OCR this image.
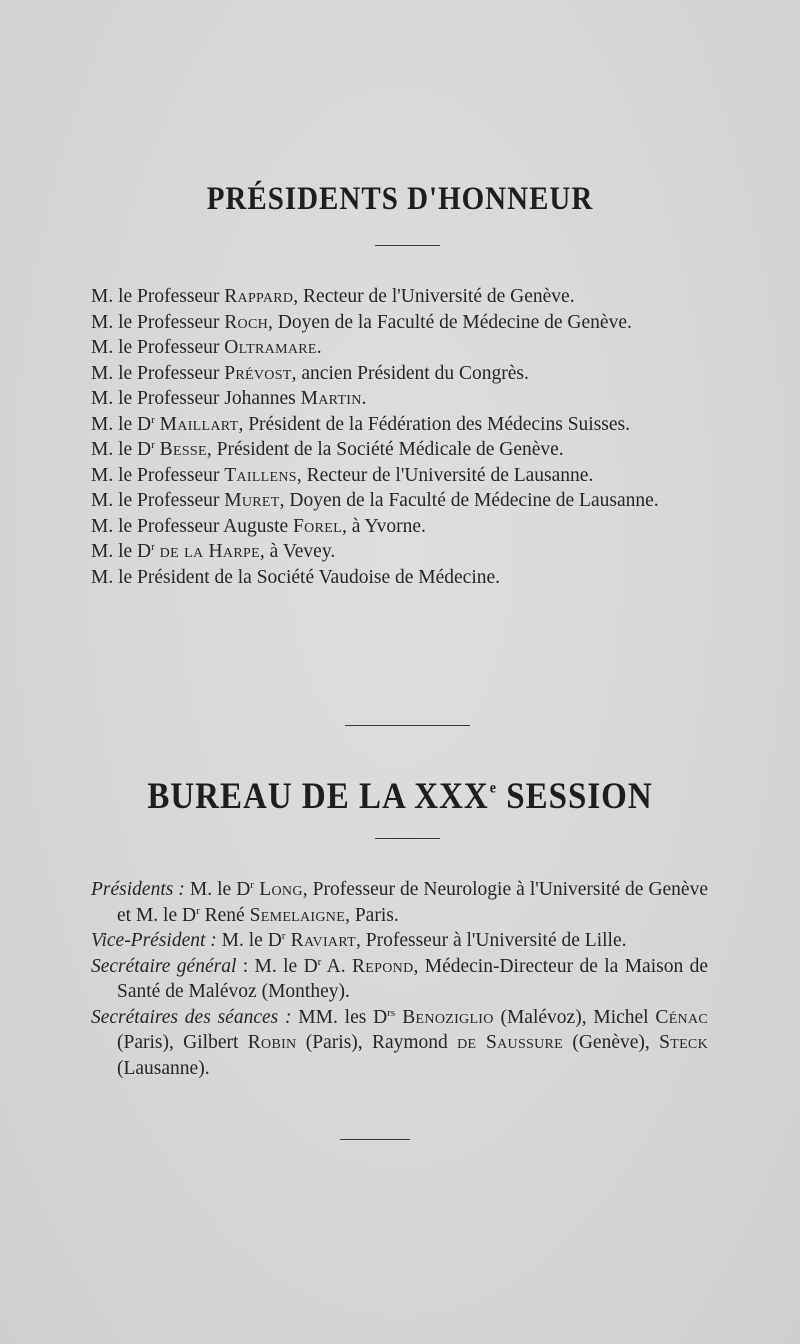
PRÉSIDENTS D'HONNEUR
M. le Professeur Rappard, Recteur de l'Université de Genève.
M. le Professeur Roch, Doyen de la Faculté de Médecine de Genève.
M. le Professeur Oltramare.
M. le Professeur Prévost, ancien Président du Congrès.
M. le Professeur Johannes Martin.
M. le $D^r$ Maillart, Président de la Fédération des Médecins Suisses.
M. le $D^r$ Besse, Président de la Société Médicale de Genève.
M. le Professeur Taillens, Recteur de l'Université de Lausanne.
M. le Professeur Muret, Doyen de la Faculté de Médecine de Lausanne.
M. le Professeur Auguste Forel, à Yvorne.
M. le $D^r$ de la Harpe, à Vevey.
M. le Président de la Société Vaudoise de Médecine.
BUREAU DE LA XXXe SESSION
Présidents : M. le $D^r$ Long, Professeur de Neurologie à l'Université de Genève et M. le $D^r$ René Semelaigne, Paris.
Vice-Président : M. le $D^r$ Raviart, Professeur à l'Université de Lille.
Secrétaire général : M. le $D^r$ A. Repond, Médecin-Directeur de la Maison de Santé de Malévoz (Monthey).
Secrétaires des séances : MM. les $D^{rs}$ Benoziglio (Malévoz), Michel Cénac (Paris), Gilbert Robin (Paris), Raymond de Saussure (Genève), Steck (Lausanne).
